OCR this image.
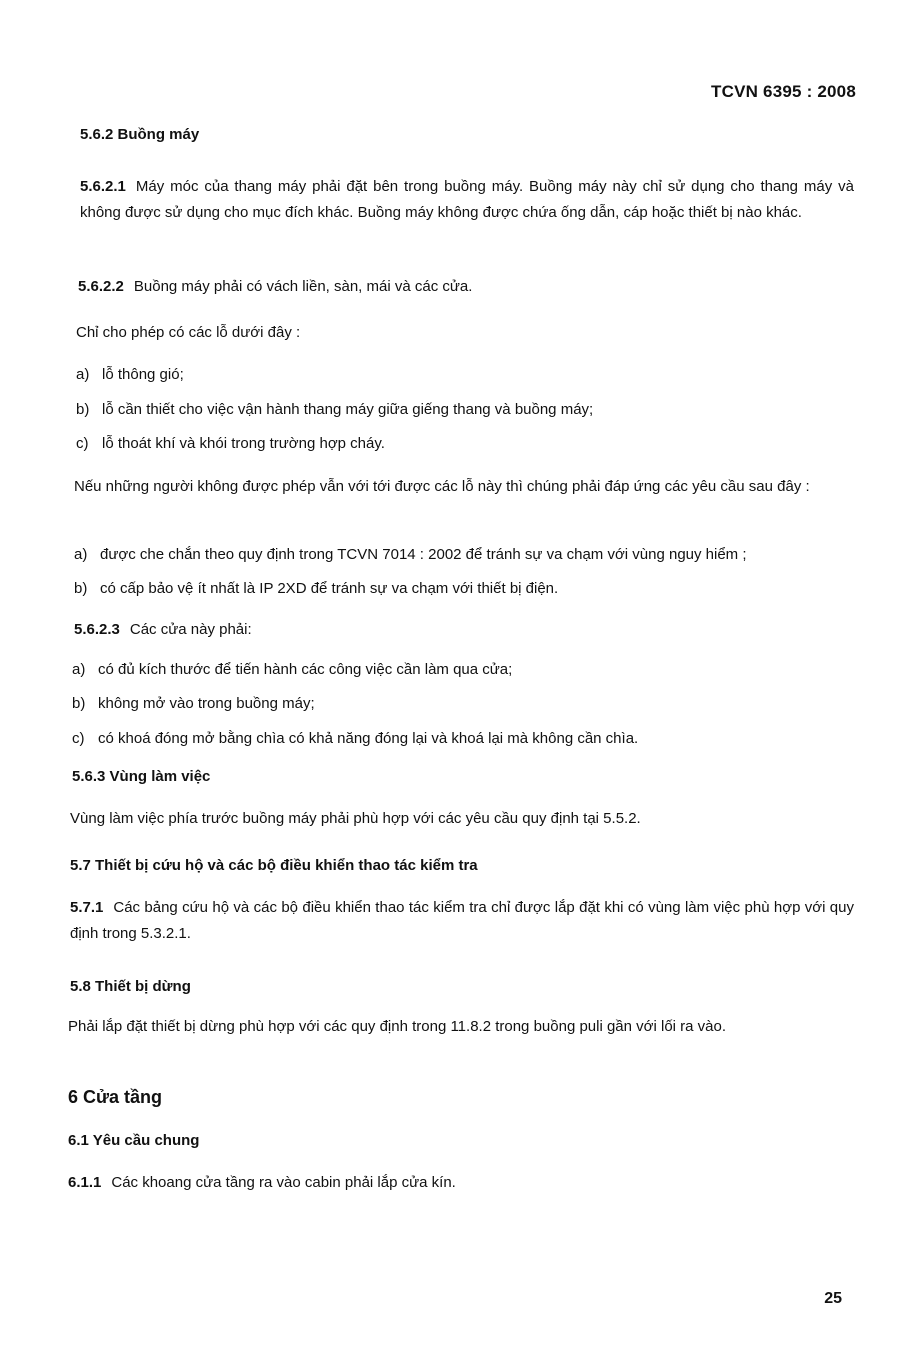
TCVN 6395 : 2008
5.6.2 Buồng máy
5.6.2.1 Máy móc của thang máy phải đặt bên trong buồng máy. Buồng máy này chỉ sử dụng cho thang máy và không được sử dụng cho mục đích khác. Buồng máy không được chứa ống dẫn, cáp hoặc thiết bị nào khác.
5.6.2.2 Buồng máy phải có vách liền, sàn, mái và các cửa.
Chỉ cho phép có các lỗ dưới đây :
a) lỗ thông gió;
b) lỗ cần thiết cho việc vận hành thang máy giữa giếng thang và buồng máy;
c) lỗ thoát khí và khói trong trường hợp cháy.
Nếu những người không được phép vẫn với tới được các lỗ này thì chúng phải đáp ứng các yêu cầu sau đây :
a) được che chắn theo quy định trong TCVN 7014 : 2002 để tránh sự va chạm với vùng nguy hiểm ;
b) có cấp bảo vệ ít nhất là IP 2XD để tránh sự va chạm với thiết bị điện.
5.6.2.3 Các cửa này phải:
a) có đủ kích thước để tiến hành các công việc cần làm qua cửa;
b) không mở vào trong buồng máy;
c) có khoá đóng mở bằng chìa có khả năng đóng lại và khoá lại mà không cần chìa.
5.6.3 Vùng làm việc
Vùng làm việc phía trước buồng máy phải phù hợp với các yêu cầu quy định tại 5.5.2.
5.7 Thiết bị cứu hộ và các bộ điều khiển thao tác kiểm tra
5.7.1 Các bảng cứu hộ và các bộ điều khiển thao tác kiểm tra chỉ được lắp đặt khi có vùng làm việc phù hợp với quy định trong 5.3.2.1.
5.8 Thiết bị dừng
Phải lắp đặt thiết bị dừng phù hợp với các quy định trong 11.8.2 trong buồng puli gần với lối ra vào.
6 Cửa tầng
6.1 Yêu cầu chung
6.1.1 Các khoang cửa tầng ra vào cabin phải lắp cửa kín.
25
